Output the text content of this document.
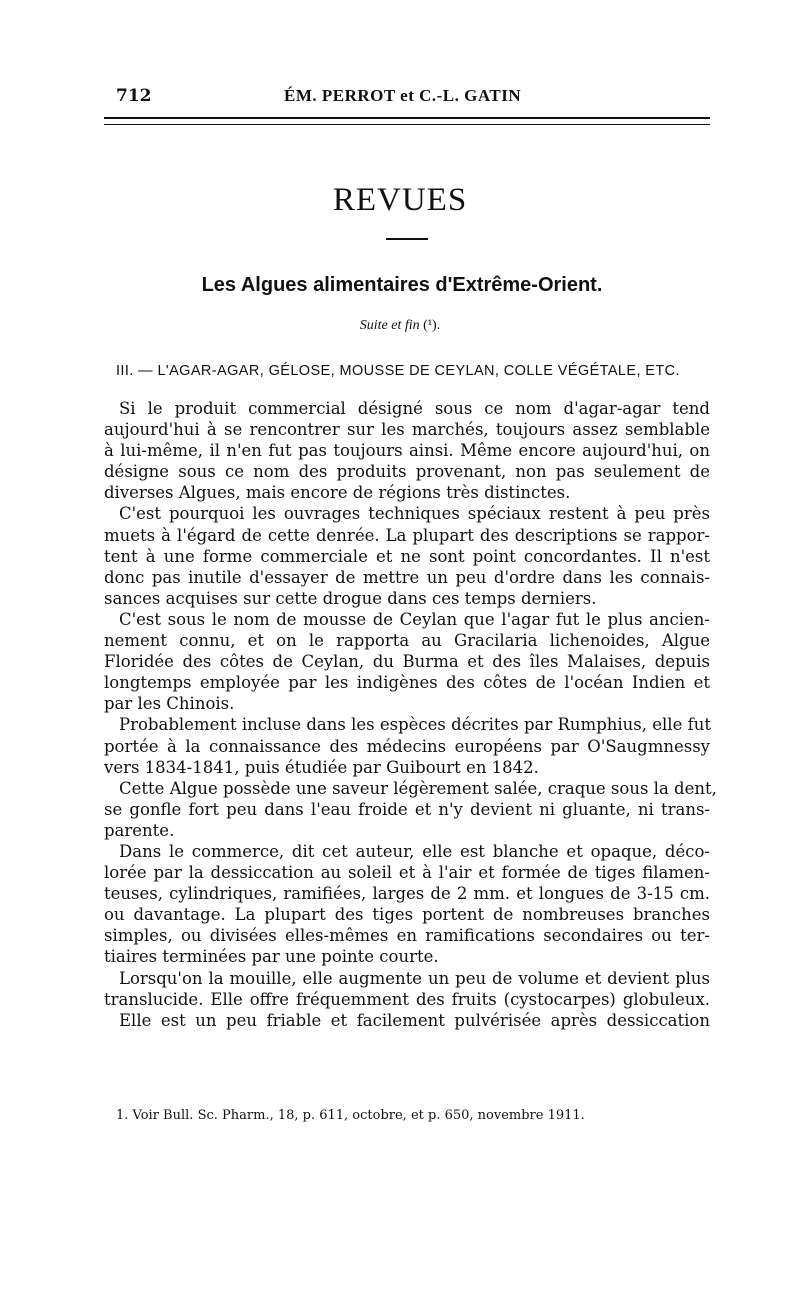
712	ÉM. PERROT et C.-L. GATIN
REVUES
Les Algues alimentaires d'Extrême-Orient.
Suite et fin (¹).
III. — L'AGAR-AGAR, GÉLOSE, MOUSSE DE CEYLAN, COLLE VÉGÉTALE, ETC.
Si le produit commercial désigné sous ce nom d'agar-agar tend
aujourd'hui à se rencontrer sur les marchés, toujours assez semblable
à lui-même, il n'en fut pas toujours ainsi. Même encore aujourd'hui, on
désigne sous ce nom des produits provenant, non pas seulement de
diverses Algues, mais encore de régions très distinctes.
C'est pourquoi les ouvrages techniques spéciaux restent à peu près
muets à l'égard de cette denrée. La plupart des descriptions se rappor-
tent à une forme commerciale et ne sont point concordantes. Il n'est
donc pas inutile d'essayer de mettre un peu d'ordre dans les connais-
sances acquises sur cette drogue dans ces temps derniers.
C'est sous le nom de mousse de Ceylan que l'agar fut le plus ancien-
nement connu, et on le rapporta au Gracilaria lichenoides, Algue
Floridée des côtes de Ceylan, du Burma et des îles Malaises, depuis
longtemps employée par les indigènes des côtes de l'océan Indien et
par les Chinois.
Probablement incluse dans les espèces décrites par Rumphius, elle fut
portée à la connaissance des médecins européens par O'Saugmnessy
vers 1834-1841, puis étudiée par Guibourt en 1842.
Cette Algue possède une saveur légèrement salée, craque sous la dent,
se gonfle fort peu dans l'eau froide et n'y devient ni gluante, ni trans-
parente.
Dans le commerce, dit cet auteur, elle est blanche et opaque, déco-
lorée par la dessiccation au soleil et à l'air et formée de tiges filamen-
teuses, cylindriques, ramifiées, larges de 2 mm. et longues de 3-15 cm.
ou davantage. La plupart des tiges portent de nombreuses branches
simples, ou divisées elles-mêmes en ramifications secondaires ou ter-
tiaires terminées par une pointe courte.
Lorsqu'on la mouille, elle augmente un peu de volume et devient plus
translucide. Elle offre fréquemment des fruits (cystocarpes) globuleux.
Elle est un peu friable et facilement pulvérisée après dessiccation
1. Voir Bull. Sc. Pharm., 18, p. 611, octobre, et p. 650, novembre 1911.
